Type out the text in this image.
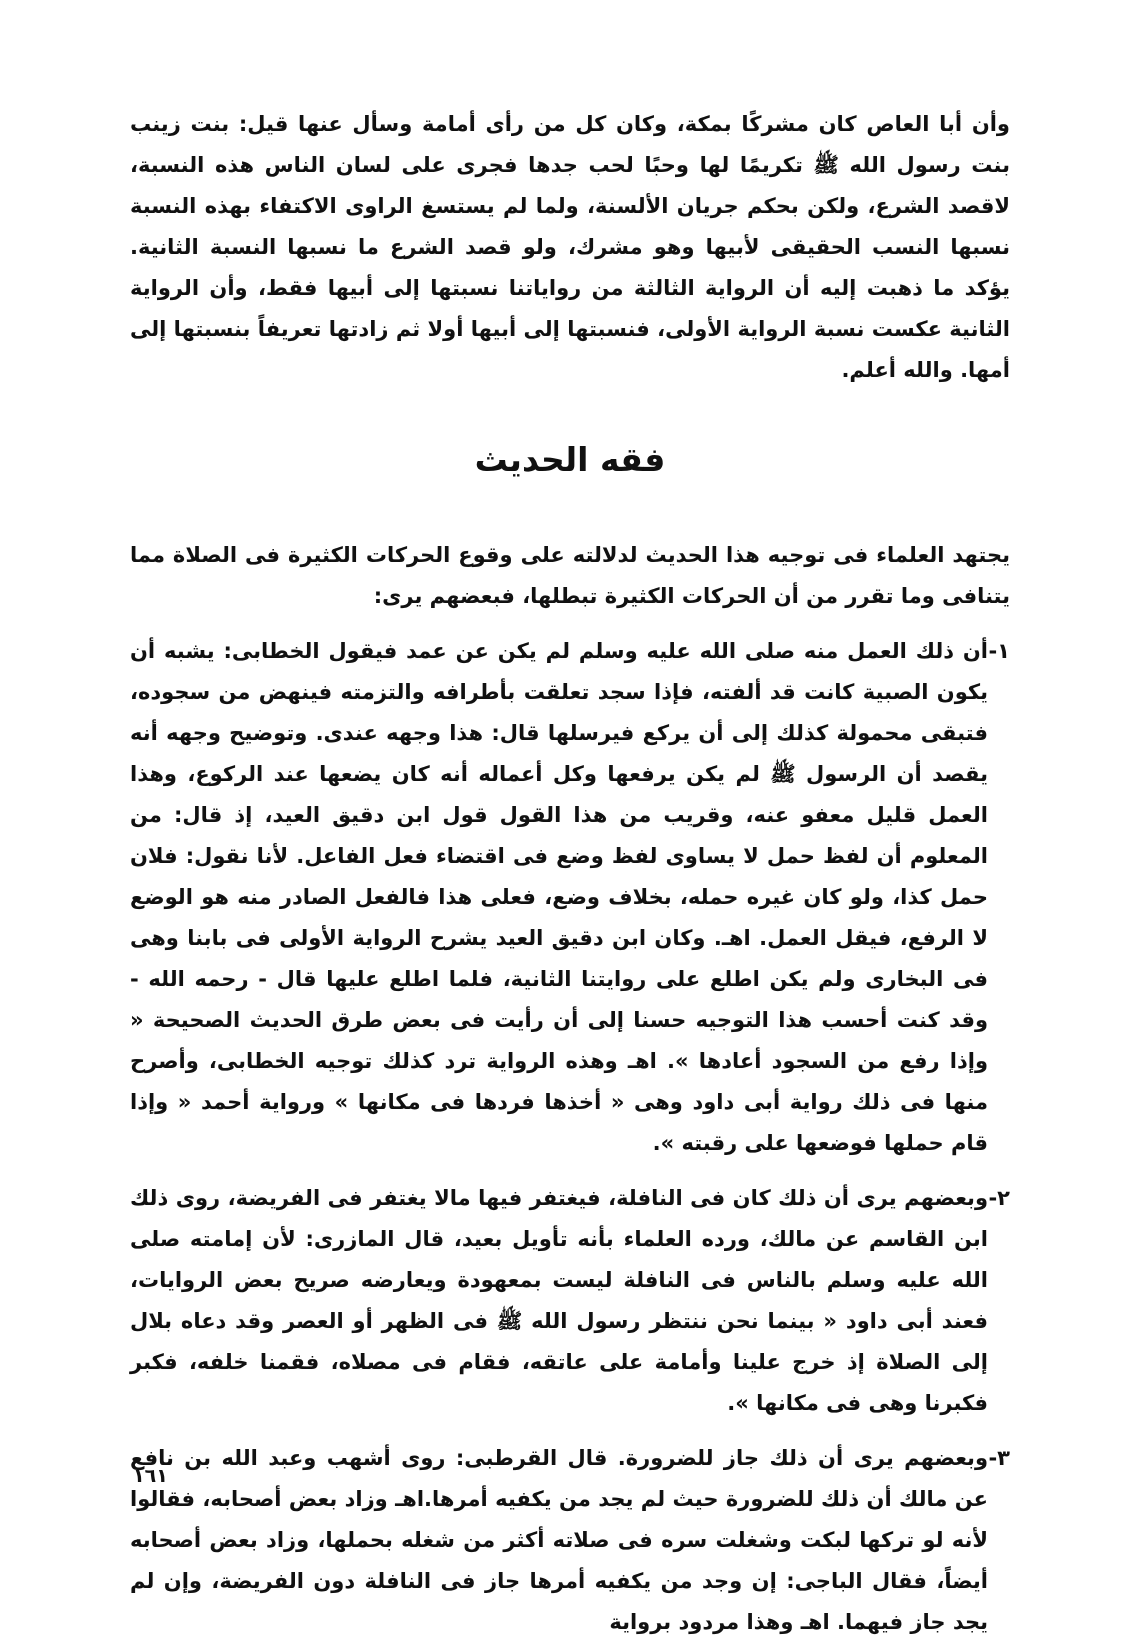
وأن أبا العاص كان مشركًا بمكة، وكان كل من رأى أمامة وسأل عنها قيل: بنت زينب بنت رسول الله ﷺ تكريمًا لها وحبًا لحب جدها فجرى على لسان الناس هذه النسبة، لاقصد الشرع، ولكن بحكم جريان الألسنة، ولما لم يستسغ الراوى الاكتفاء بهذه النسبة نسبها النسب الحقيقى لأبيها وهو مشرك، ولو قصد الشرع ما نسبها النسبة الثانية. يؤكد ما ذهبت إليه أن الرواية الثالثة من رواياتنا نسبتها إلى أبيها فقط، وأن الرواية الثانية عكست نسبة الرواية الأولى، فنسبتها إلى أبيها أولا ثم زادتها تعريفاً بنسبتها إلى أمها. والله أعلم.

فقه الحديث

يجتهد العلماء فى توجيه هذا الحديث لدلالته على وقوع الحركات الكثيرة فى الصلاة مما يتنافى وما تقرر من أن الحركات الكثيرة تبطلها، فبعضهم يرى:

١-

أن ذلك العمل منه صلى الله عليه وسلم لم يكن عن عمد فيقول الخطابى: يشبه أن يكون الصبية كانت قد ألفته، فإذا سجد تعلقت بأطرافه والتزمته فينهض من سجوده، فتبقى محمولة كذلك إلى أن يركع فيرسلها قال: هذا وجهه عندى. وتوضيح وجهه أنه يقصد أن الرسول ﷺ لم يكن يرفعها وكل أعماله أنه كان يضعها عند الركوع، وهذا العمل قليل معفو عنه، وقريب من هذا القول قول ابن دقيق العيد، إذ قال: من المعلوم أن لفظ حمل لا يساوى لفظ وضع فى اقتضاء فعل الفاعل. لأنا نقول: فلان حمل كذا، ولو كان غيره حمله، بخلاف وضع، فعلى هذا فالفعل الصادر منه هو الوضع لا الرفع، فيقل العمل. اهـ. وكان ابن دقيق العيد يشرح الرواية الأولى فى بابنا وهى فى البخارى ولم يكن اطلع على روايتنا الثانية، فلما اطلع عليها قال - رحمه الله - وقد كنت أحسب هذا التوجيه حسنا إلى أن رأيت فى بعض طرق الحديث الصحيحة « وإذا رفع من السجود أعادها ». اهـ وهذه الرواية ترد كذلك توجيه الخطابى، وأصرح منها فى ذلك رواية أبى داود وهى « أخذها فردها فى مكانها » ورواية أحمد « وإذا قام حملها فوضعها على رقبته ».

٢-

وبعضهم يرى أن ذلك كان فى النافلة، فيغتفر فيها مالا يغتفر فى الفريضة، روى ذلك ابن القاسم عن مالك، ورده العلماء بأنه تأويل بعيد، قال المازرى: لأن إمامته صلى الله عليه وسلم بالناس فى النافلة ليست بمعهودة ويعارضه صريح بعض الروايات، فعند أبى داود « بينما نحن ننتظر رسول الله ﷺ فى الظهر أو العصر وقد دعاه بلال إلى الصلاة إذ خرج علينا وأمامة على عاتقه، فقام فى مصلاه، فقمنا خلفه، فكبر فكبرنا وهى فى مكانها ».

٣-

وبعضهم يرى أن ذلك جاز للضرورة. قال القرطبى: روى أشهب وعبد الله بن نافع عن مالك أن ذلك للضرورة حيث لم يجد من يكفيه أمرها.اهـ وزاد بعض أصحابه، فقالوا لأنه لو تركها لبكت وشغلت سره فى صلاته أكثر من شغله بحملها، وزاد بعض أصحابه أيضاً، فقال الباجى: إن وجد من يكفيه أمرها جاز فى النافلة دون الفريضة، وإن لم يجد جاز فيهما. اهـ وهذا مردود برواية

١٦١
